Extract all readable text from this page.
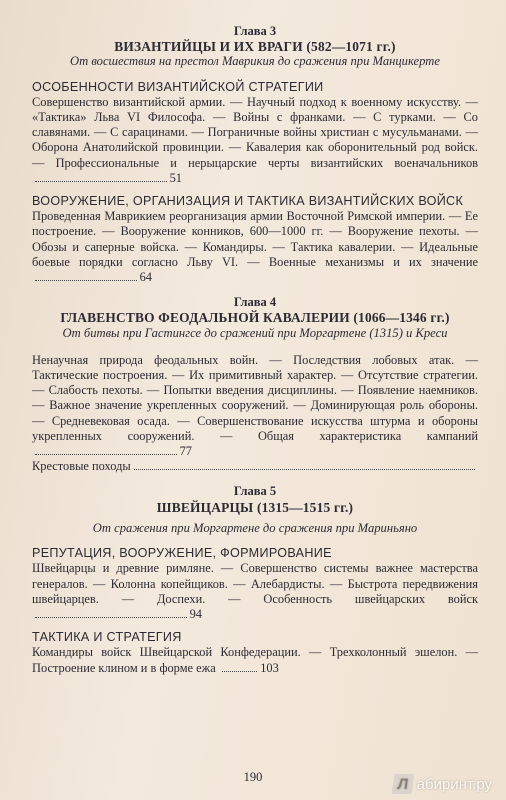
Глава 3
ВИЗАНТИЙЦЫ И ИХ ВРАГИ (582—1071 гг.)
От восшествия на престол Маврикия до сражения при Манцикерте
ОСОБЕННОСТИ ВИЗАНТИЙСКОЙ СТРАТЕГИИ
Совершенство византийской армии. — Научный подход к военному искусству. — «Тактика» Льва VI Философа. — Войны с франками. — С турками. — Со славянами. — С сарацинами. — Пограничные войны христиан с мусульманами. — Оборона Анатолийской провинции. — Кавалерия как оборонительный род войск. — Профессиональные и нерыцарские черты византийских военачальников
51
ВООРУЖЕНИЕ, ОРГАНИЗАЦИЯ И ТАКТИКА ВИЗАНТИЙСКИХ ВОЙСК
Проведенная Маврикием реорганизация армии Восточной Римской империи. — Ее построение. — Вооружение конников, 600—1000 гг. — Вооружение пехоты. — Обозы и саперные войска. — Командиры. — Тактика кавалерии. — Идеальные боевые порядки согласно Льву VI. — Военные механизмы и их значение
64
Глава 4
ГЛАВЕНСТВО ФЕОДАЛЬНОЙ КАВАЛЕРИИ (1066—1346 гг.)
От битвы при Гастингсе до сражений при Моргартене (1315) и Креси
Ненаучная природа феодальных войн. — Последствия лобовых атак. — Тактические построения. — Их примитивный характер. — Отсутствие стратегии. — Слабость пехоты. — Попытки введения дисциплины. — Появление наемников. — Важное значение укрепленных сооружений. — Доминирующая роль обороны. — Средневековая осада. — Совершенствование искусства штурма и обороны укрепленных сооружений. — Общая характеристика кампаний
77
Крестовые походы
Глава 5
ШВЕЙЦАРЦЫ (1315—1515 гг.)
От сражения при Моргартене до сражения при Мариньяно
РЕПУТАЦИЯ, ВООРУЖЕНИЕ, ФОРМИРОВАНИЕ
Швейцарцы и древние римляне. — Совершенство системы важнее мастерства генералов. — Колонна копейщиков. — Алебардисты. — Быстрота передвижения швейцарцев. — Доспехи. — Особенность швейцарских войск
94
ТАКТИКА И СТРАТЕГИЯ
Командиры войск Швейцарской Конфедерации. — Трехколонный эшелон. — Построение клином и в форме ежа	103
190	Л абиринт.ру
